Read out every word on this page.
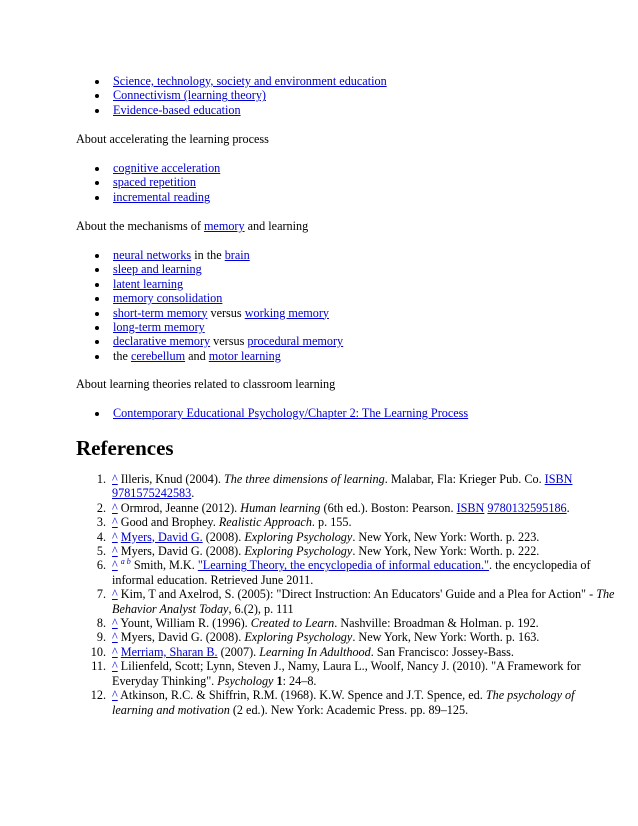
Science, technology, society and environment education
Connectivism (learning theory)
Evidence-based education
About accelerating the learning process
cognitive acceleration
spaced repetition
incremental reading
About the mechanisms of memory and learning
neural networks in the brain
sleep and learning
latent learning
memory consolidation
short-term memory versus working memory
long-term memory
declarative memory versus procedural memory
the cerebellum and motor learning
About learning theories related to classroom learning
Contemporary Educational Psychology/Chapter 2: The Learning Process
References
1. ^ Illeris, Knud (2004). The three dimensions of learning. Malabar, Fla: Krieger Pub. Co. ISBN 9781575242583.
2. ^ Ormrod, Jeanne (2012). Human learning (6th ed.). Boston: Pearson. ISBN 9780132595186.
3. ^ Good and Brophey. Realistic Approach. p. 155.
4. ^ Myers, David G. (2008). Exploring Psychology. New York, New York: Worth. p. 223.
5. ^ Myers, David G. (2008). Exploring Psychology. New York, New York: Worth. p. 222.
6. ^ $^{a b}$ Smith, M.K. "Learning Theory, the encyclopedia of informal education.". the encyclopedia of informal education. Retrieved June 2011.
7. ^ Kim, T and Axelrod, S. (2005): "Direct Instruction: An Educators' Guide and a Plea for Action" - The Behavior Analyst Today, 6.(2), p. 111
8. ^ Yount, William R. (1996). Created to Learn. Nashville: Broadman & Holman. p. 192.
9. ^ Myers, David G. (2008). Exploring Psychology. New York, New York: Worth. p. 163.
10. ^ Merriam, Sharan B. (2007). Learning In Adulthood. San Francisco: Jossey-Bass.
11. ^ Lilienfeld, Scott; Lynn, Steven J., Namy, Laura L., Woolf, Nancy J. (2010). "A Framework for Everyday Thinking". Psychology 1: 24–8.
12. ^ Atkinson, R.C. & Shiffrin, R.M. (1968). K.W. Spence and J.T. Spence, ed. The psychology of learning and motivation (2 ed.). New York: Academic Press. pp. 89–125.
